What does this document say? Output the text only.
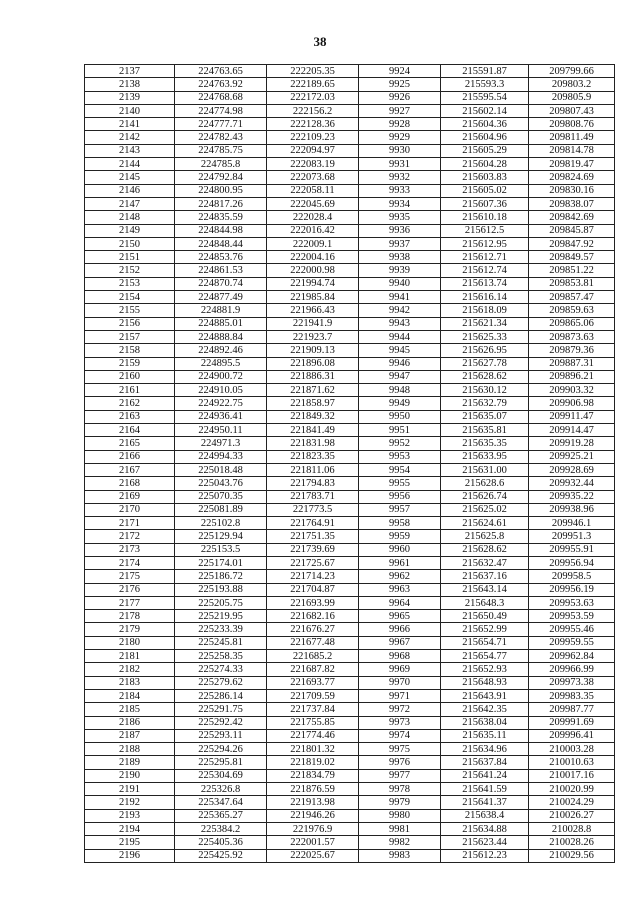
38
2137	224763.65	222205.35	9924	215591.87	209799.66
2138	224763.92	222189.65	9925	215593.3	209803.2
2139	224768.68	222172.03	9926	215595.54	209805.9
2140	224774.98	222156.2	9927	215602.14	209807.43
2141	224777.71	222128.36	9928	215604.36	209808.76
2142	224782.43	222109.23	9929	215604.96	209811.49
2143	224785.75	222094.97	9930	215605.29	209814.78
2144	224785.8	222083.19	9931	215604.28	209819.47
2145	224792.84	222073.68	9932	215603.83	209824.69
2146	224800.95	222058.11	9933	215605.02	209830.16
2147	224817.26	222045.69	9934	215607.36	209838.07
2148	224835.59	222028.4	9935	215610.18	209842.69
2149	224844.98	222016.42	9936	215612.5	209845.87
2150	224848.44	222009.1	9937	215612.95	209847.92
2151	224853.76	222004.16	9938	215612.71	209849.57
2152	224861.53	222000.98	9939	215612.74	209851.22
2153	224870.74	221994.74	9940	215613.74	209853.81
2154	224877.49	221985.84	9941	215616.14	209857.47
2155	224881.9	221966.43	9942	215618.09	209859.63
2156	224885.01	221941.9	9943	215621.34	209865.06
2157	224888.84	221923.7	9944	215625.33	209873.63
2158	224892.46	221909.13	9945	215626.95	209879.36
2159	224895.5	221896.08	9946	215627.78	209887.31
2160	224900.72	221886.31	9947	215628.62	209896.21
2161	224910.05	221871.62	9948	215630.12	209903.32
2162	224922.75	221858.97	9949	215632.79	209906.98
2163	224936.41	221849.32	9950	215635.07	209911.47
2164	224950.11	221841.49	9951	215635.81	209914.47
2165	224971.3	221831.98	9952	215635.35	209919.28
2166	224994.33	221823.35	9953	215633.95	209925.21
2167	225018.48	221811.06	9954	215631.00	209928.69
2168	225043.76	221794.83	9955	215628.6	209932.44
2169	225070.35	221783.71	9956	215626.74	209935.22
2170	225081.89	221773.5	9957	215625.02	209938.96
2171	225102.8	221764.91	9958	215624.61	209946.1
2172	225129.94	221751.35	9959	215625.8	209951.3
2173	225153.5	221739.69	9960	215628.62	209955.91
2174	225174.01	221725.67	9961	215632.47	209956.94
2175	225186.72	221714.23	9962	215637.16	209958.5
2176	225193.88	221704.87	9963	215643.14	209956.19
2177	225205.75	221693.99	9964	215648.3	209953.63
2178	225219.95	221682.16	9965	215650.49	209953.59
2179	225233.39	221676.27	9966	215652.99	209955.46
2180	225245.81	221677.48	9967	215654.71	209959.55
2181	225258.35	221685.2	9968	215654.77	209962.84
2182	225274.33	221687.82	9969	215652.93	209966.99
2183	225279.62	221693.77	9970	215648.93	209973.38
2184	225286.14	221709.59	9971	215643.91	209983.35
2185	225291.75	221737.84	9972	215642.35	209987.77
2186	225292.42	221755.85	9973	215638.04	209991.69
2187	225293.11	221774.46	9974	215635.11	209996.41
2188	225294.26	221801.32	9975	215634.96	210003.28
2189	225295.81	221819.02	9976	215637.84	210010.63
2190	225304.69	221834.79	9977	215641.24	210017.16
2191	225326.8	221876.59	9978	215641.59	210020.99
2192	225347.64	221913.98	9979	215641.37	210024.29
2193	225365.27	221946.26	9980	215638.4	210026.27
2194	225384.2	221976.9	9981	215634.88	210028.8
2195	225405.36	222001.57	9982	215623.44	210028.26
2196	225425.92	222025.67	9983	215612.23	210029.56
